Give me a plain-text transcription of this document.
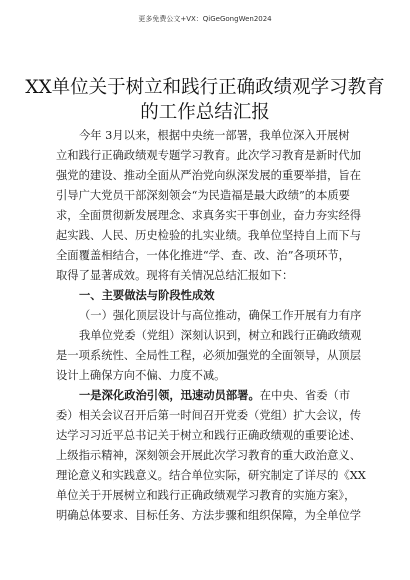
更多免费公文+VX：QiGeGongWen2024
XX单位关于树立和践行正确政绩观学习教育
的工作总结汇报
今年 3月以来，根据中央统一部署，我单位深入开展树
立和践行正确政绩观专题学习教育。此次学习教育是新时代加
强党的建设、推动全面从严治党向纵深发展的重要举措，旨在
引导广大党员干部深刻领会“为民造福是最大政绩”的本质要
求，全面贯彻新发展理念、求真务实干事创业，奋力夯实经得
起实践、人民、历史检验的扎实业绩。我单位坚持自上而下与
全面覆盖相结合，一体化推进“学、查、改、治”各项环节，
取得了显著成效。现将有关情况总结汇报如下：
一、主要做法与阶段性成效
（一）强化顶层设计与高位推动，确保工作开展有力有序
我单位党委（党组）深刻认识到，树立和践行正确政绩观
是一项系统性、全局性工程，必须加强党的全面领导，从顶层
设计上确保方向不偏、力度不减。
一是深化政治引领，迅速动员部署。在中央、省委（市
委）相关会议召开后第一时间召开党委（党组）扩大会议，传
达学习习近平总书记关于树立和践行正确政绩观的重要论述、
上级指示精神，深刻领会开展此次学习教育的重大政治意义、
理论意义和实践意义。结合单位实际，研究制定了详尽的《XX
单位关于开展树立和践行正确政绩观学习教育的实施方案》，
明确总体要求、目标任务、方法步骤和组织保障，为全单位学
